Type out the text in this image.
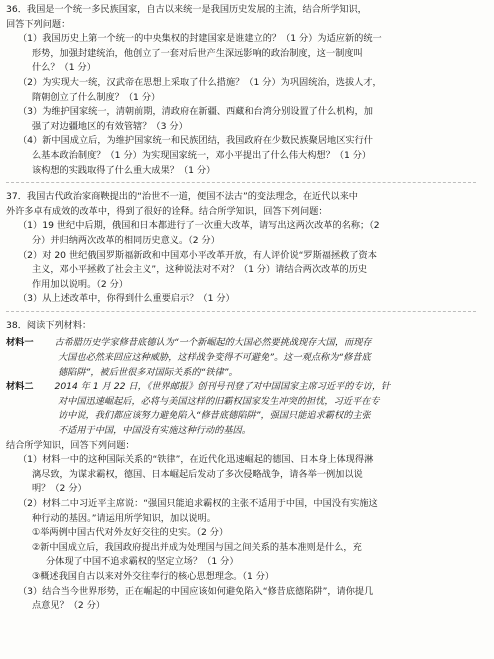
36．我国是一个统一多民族国家，自古以来统一是我国历史发展的主流，结合所学知识，
回答下列问题：
（1）我国历史上第一个统一的中央集权的封建国家是谁建立的？（1 分）为适应新的统一
形势，加强封建统治，他创立了一套对后世产生深远影响的政治制度，这一制度叫
什么？（1 分）
（2）为实现大一统，汉武帝在思想上采取了什么措施？（1 分）为巩固统治，选拔人才，
隋朝创立了什么制度？（1 分）
（3）为维护国家统一，清朝前期，清政府在新疆、西藏和台湾分别设置了什么机构，加
强了对边疆地区的有效管辖？（3 分）
（4）新中国成立后，为维护国家统一和民族团结，我国政府在少数民族聚居地区实行什
么基本政治制度？（1 分）为实现国家统一，邓小平提出了什么伟大构想？（1 分）
该构想的实践取得了什么重大成果？（1 分）
37．我国古代政治家商鞅提出的“治世不一道，便国不法古”的变法理念，在近代以来中
外许多卓有成效的改革中，得到了很好的诠释。结合所学知识，回答下列问题：
（1）19 世纪中后期，俄国和日本都进行了一次重大改革，请写出这两次改革的名称；（2
分）并归纳两次改革的相同历史意义。（2 分）
（2）对 20 世纪俄国罗斯福新政和中国邓小平改革开放，有人评价说“罗斯福拯救了资本
主义，邓小平拯救了社会主义”，这种说法对不对？（1 分）请结合两次改革的历史
作用加以说明。（2 分）
（3）从上述改革中，你得到什么重要启示？（1 分）
38．阅读下列材料：
材料一 古希腊历史学家修昔底德认为“一个新崛起的大国必然要挑战现存大国，而现存
大国也必然来回应这种威胁，这样战争变得不可避免”。这一观点称为“修昔底
德陷阱”，被后世很多对国际关系的“铁律”。
材料二 2014 年 1 月 22 日，《世界邮报》创刊号刊登了对中国国家主席习近平的专访，针
对中国迅速崛起后，必将与美国这样的旧霸权国家发生冲突的担忧，习近平在专
访中说，我们都应该努力避免陷入“修昔底德陷阱”，强国只能追求霸权的主张
不适用于中国，中国没有实施这种行动的基因。
结合所学知识，回答下列问题：
（1）材料一中的这种国际关系的“铁律”，在近代化迅速崛起的德国、日本身上体现得淋
漓尽致，为谋求霸权，德国、日本崛起后发动了多次侵略战争，请各举一例加以说
明？（2 分）
（2）材料二中习近平主席说：“强国只能追求霸权的主张不适用于中国，中国没有实施这
种行动的基因。”请运用所学知识，加以说明。
①举两例中国古代对外友好交往的史实。（2 分）
②新中国成立后，我国政府提出并成为处理国与国之间关系的基本准则是什么，充
分体现了中国不追求霸权的坚定立场？（1 分）
③概述我国自古以来对外交往奉行的核心思想理念。（1 分）
（3）结合当今世界形势，正在崛起的中国应该如何避免陷入“修昔底德陷阱”，请你提几
点意见？（2 分）
